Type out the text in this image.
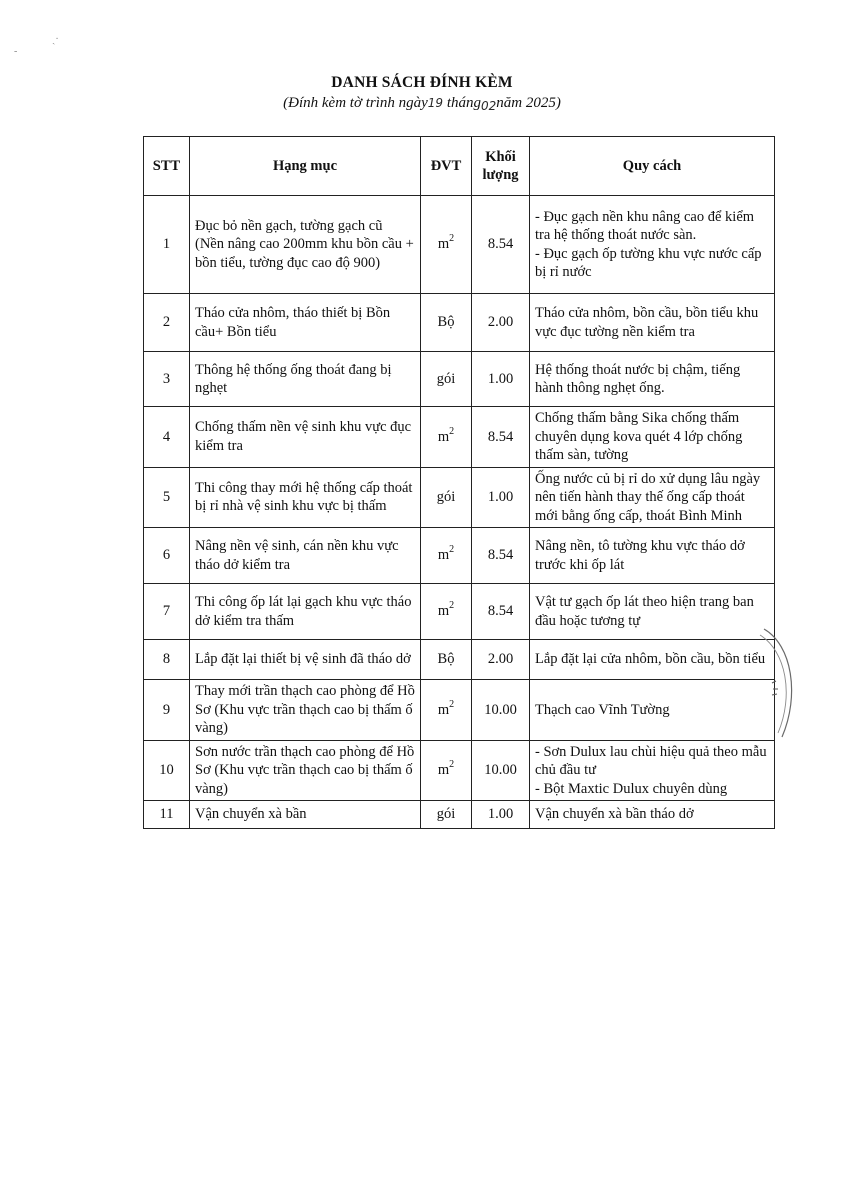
ˎ·
‐
DANH SÁCH ĐÍNH KÈM
(Đính kèm tờ trình ngày19 tháng$_{02}$năm 2025)
STT	Hạng mục	ĐVT	Khối lượng	Quy cách
1	Đục bỏ nền gạch, tường gạch cũ (Nền nâng cao 200mm khu bồn cầu + bồn tiểu, tường đục cao độ 900)	$m^2$	8.54	- Đục gạch nền khu nâng cao để kiểm tra hệ thống thoát nước sàn.
- Đục gạch ốp tường khu vực nước cấp bị rỉ nước

2	Tháo cửa nhôm, tháo thiết bị Bồn cầu+ Bồn tiểu	Bộ	2.00	Tháo cửa nhôm, bồn cầu, bồn tiểu khu vực đục tường nền kiểm tra

3	Thông hệ thống ống thoát đang bị nghẹt	gói	1.00	Hệ thống thoát nước bị chậm, tiếng hành thông nghẹt ống.

4	Chống thấm nền vệ sinh khu vực đục kiểm tra	$m^2$	8.54	Chống thấm bằng Sika chống thấm chuyên dụng kova quét 4 lớp chống thấm sàn, tường

5	Thi công thay mới hệ thống cấp thoát bị rỉ nhà vệ sinh khu vực bị thấm	gói	1.00	Ống nước củ bị rỉ do xử dụng lâu ngày nên tiến hành thay thế ống cấp thoát mới bằng ống cấp, thoát Bình Minh

6	Nâng nền vệ sinh, cán nền khu vực tháo dở kiểm tra	$m^2$	8.54	Nâng nền, tô tường khu vực tháo dở trước khi ốp lát

7	Thi công ốp lát lại gạch khu vực tháo dở kiểm tra thấm	$m^2$	8.54	Vật tư gạch ốp lát theo hiện trang ban đầu hoặc tương tự

8	Lắp đặt lại thiết bị vệ sinh đã tháo dở	Bộ	2.00	Lắp đặt lại cửa nhôm, bồn cầu, bồn tiểu

9	Thay mới trần thạch cao phòng để Hồ Sơ (Khu vực trần thạch cao bị thấm ố vàng)	$m^2$	10.00	Thạch cao Vĩnh Tường

10	Sơn nước trần thạch cao phòng để Hồ Sơ (Khu vực trần thạch cao bị thấm ố vàng)	$m^2$	10.00	- Sơn Dulux lau chùi hiệu quả theo mẫu chủ đầu tư
- Bột Maxtic Dulux chuyên dùng

11	Vận chuyển xà bần	gói	1.00	Vận chuyển xà bần tháo dở
